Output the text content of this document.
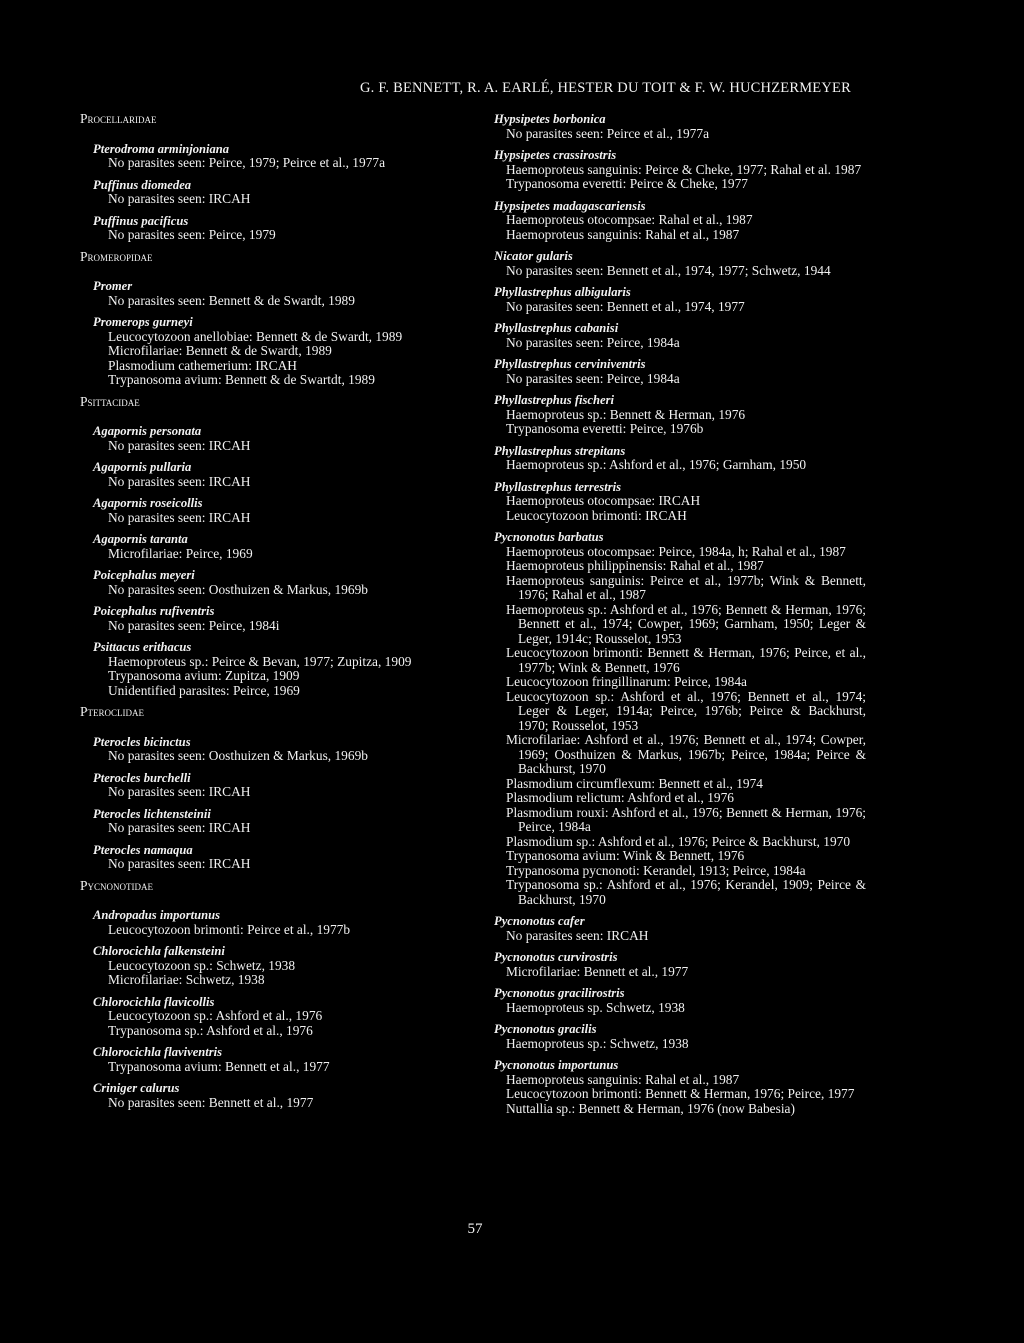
G. F. BENNETT, R. A. EARLÉ, HESTER DU TOIT & F. W. HUCHZERMEYER
Procellaridae
Pterodroma arminjoniana
No parasites seen: Peirce, 1979; Peirce et al., 1977a
Puffinus diomedea
No parasites seen: IRCAH
Puffinus pacificus
No parasites seen: Peirce, 1979
Promeropidae
Promer
No parasites seen: Bennett & de Swardt, 1989
Promerops gurneyi
Leucocytozoon anellobiae: Bennett & de Swardt, 1989
Microfilariae: Bennett & de Swardt, 1989
Plasmodium cathemerium: IRCAH
Trypanosoma avium: Bennett & de Swartdt, 1989
Psittacidae
Agapornis personata
No parasites seen: IRCAH
Agapornis pullaria
No parasites seen: IRCAH
Agapornis roseicollis
No parasites seen: IRCAH
Agapornis taranta
Microfilariae: Peirce, 1969
Poicephalus meyeri
No parasites seen: Oosthuizen & Markus, 1969b
Poicephalus rufiventris
No parasites seen: Peirce, 1984i
Psittacus erithacus
Haemoproteus sp.: Peirce & Bevan, 1977; Zupitza, 1909
Trypanosoma avium: Zupitza, 1909
Unidentified parasites: Peirce, 1969
Pteroclidae
Pterocles bicinctus
No parasites seen: Oosthuizen & Markus, 1969b
Pterocles burchelli
No parasites seen: IRCAH
Pterocles lichtensteinii
No parasites seen: IRCAH
Pterocles namaqua
No parasites seen: IRCAH
Pycnonotidae
Andropadus importunus
Leucocytozoon brimonti: Peirce et al., 1977b
Chlorocichla falkensteini
Leucocytozoon sp.: Schwetz, 1938
Microfilariae: Schwetz, 1938
Chlorocichla flavicollis
Leucocytozoon sp.: Ashford et al., 1976
Trypanosoma sp.: Ashford et al., 1976
Chlorocichla flaviventris
Trypanosoma avium: Bennett et al., 1977
Criniger calurus
No parasites seen: Bennett et al., 1977
Hypsipetes borbonica
No parasites seen: Peirce et al., 1977a
Hypsipetes crassirostris
Haemoproteus sanguinis: Peirce & Cheke, 1977; Rahal et al. 1987
Trypanosoma everetti: Peirce & Cheke, 1977
Hypsipetes madagascariensis
Haemoproteus otocompsae: Rahal et al., 1987
Haemoproteus sanguinis: Rahal et al., 1987
Nicator gularis
No parasites seen: Bennett et al., 1974, 1977; Schwetz, 1944
Phyllastrephus albigularis
No parasites seen: Bennett et al., 1974, 1977
Phyllastrephus cabanisi
No parasites seen: Peirce, 1984a
Phyllastrephus cerviniventris
No parasites seen: Peirce, 1984a
Phyllastrephus fischeri
Haemoproteus sp.: Bennett & Herman, 1976
Trypanosoma everetti: Peirce, 1976b
Phyllastrephus strepitans
Haemoproteus sp.: Ashford et al., 1976; Garnham, 1950
Phyllastrephus terrestris
Haemoproteus otocompsae: IRCAH
Leucocytozoon brimonti: IRCAH
Pycnonotus barbatus
Haemoproteus otocompsae: Peirce, 1984a, h; Rahal et al., 1987
Haemoproteus philippinensis: Rahal et al., 1987
Haemoproteus sanguinis: Peirce et al., 1977b; Wink & Bennett, 1976; Rahal et al., 1987
Haemoproteus sp.: Ashford et al., 1976; Bennett & Herman, 1976; Bennett et al., 1974; Cowper, 1969; Garnham, 1950; Leger & Leger, 1914c; Rousselot, 1953
Leucocytozoon brimonti: Bennett & Herman, 1976; Peirce, et al., 1977b; Wink & Bennett, 1976
Leucocytozoon fringillinarum: Peirce, 1984a
Leucocytozoon sp.: Ashford et al., 1976; Bennett et al., 1974; Leger & Leger, 1914a; Peirce, 1976b; Peirce & Backhurst, 1970; Rousselot, 1953
Microfilariae: Ashford et al., 1976; Bennett et al., 1974; Cowper, 1969; Oosthuizen & Markus, 1967b; Peirce, 1984a; Peirce & Backhurst, 1970
Plasmodium circumflexum: Bennett et al., 1974
Plasmodium relictum: Ashford et al., 1976
Plasmodium rouxi: Ashford et al., 1976; Bennett & Herman, 1976; Peirce, 1984a
Plasmodium sp.: Ashford et al., 1976; Peirce & Backhurst, 1970
Trypanosoma avium: Wink & Bennett, 1976
Trypanosoma pycnonoti: Kerandel, 1913; Peirce, 1984a
Trypanosoma sp.: Ashford et al., 1976; Kerandel, 1909; Peirce & Backhurst, 1970
Pycnonotus cafer
No parasites seen: IRCAH
Pycnonotus curvirostris
Microfilariae: Bennett et al., 1977
Pycnonotus gracilirostris
Haemoproteus sp. Schwetz, 1938
Pycnonotus gracilis
Haemoproteus sp.: Schwetz, 1938
Pycnonotus importunus
Haemoproteus sanguinis: Rahal et al., 1987
Leucocytozoon brimonti: Bennett & Herman, 1976; Peirce, 1977
Nuttallia sp.: Bennett & Herman, 1976 (now Babesia)
57
